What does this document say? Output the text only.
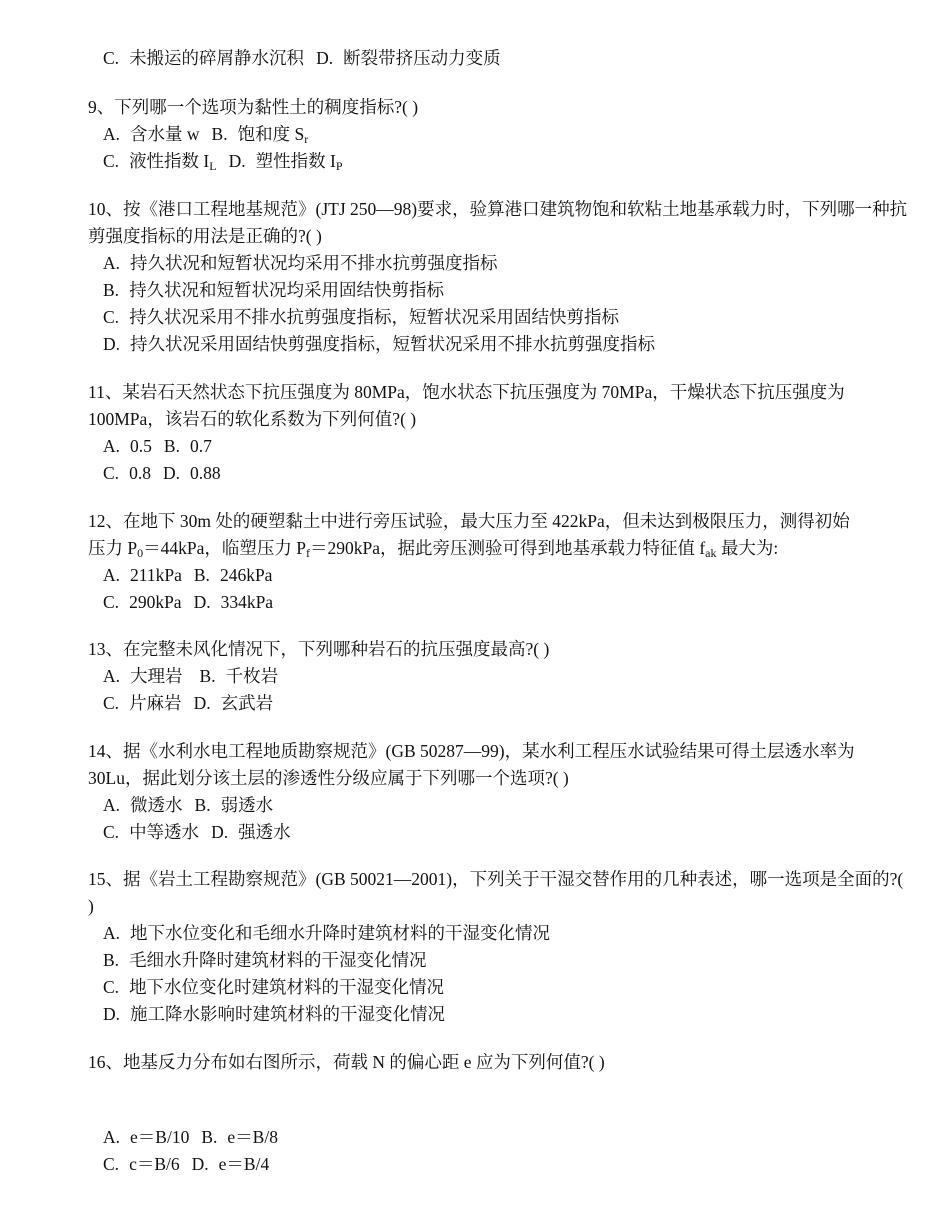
C. 未搬运的碎屑静水沉积 D. 断裂带挤压动力变质
9、下列哪一个选项为黏性土的稠度指标?( )
A. 含水量 w B. 饱和度 $S_r$
C. 液性指数 $I_L$ D. 塑性指数 $I_P$
10、按《港口工程地基规范》(JTJ 250—98)要求，验算港口建筑物饱和软粘土地基承载力时，下列哪一种抗剪强度指标的用法是正确的?( )
A. 持久状况和短暂状况均采用不排水抗剪强度指标
B. 持久状况和短暂状况均采用固结快剪指标
C. 持久状况采用不排水抗剪强度指标，短暂状况采用固结快剪指标
D. 持久状况采用固结快剪强度指标，短暂状况采用不排水抗剪强度指标
11、某岩石天然状态下抗压强度为 80MPa，饱水状态下抗压强度为 70MPa，干燥状态下抗压强度为 100MPa，该岩石的软化系数为下列何值?( )
A. 0.5 B. 0.7
C. 0.8 D. 0.88
12、在地下 30m 处的硬塑黏土中进行旁压试验，最大压力至 422kPa，但未达到极限压力，测得初始
压力 $P_0=44kPa$，临塑压力 $P_f=290kPa$，据此旁压测验可得到地基承载力特征值 $f_{ak}$ 最大为:
A. 211kPa B. 246kPa
C. 290kPa D. 334kPa
13、在完整未风化情况下，下列哪种岩石的抗压强度最高?( )
A. 大理岩 B. 千枚岩
C. 片麻岩 D. 玄武岩
14、据《水利水电工程地质勘察规范》(GB 50287—99)，某水利工程压水试验结果可得土层透水率为 30Lu，据此划分该土层的渗透性分级应属于下列哪一个选项?( )
A. 微透水 B. 弱透水
C. 中等透水 D. 强透水
15、据《岩土工程勘察规范》(GB 50021—2001)，下列关于干湿交替作用的几种表述，哪一选项是全面的?( )
A. 地下水位变化和毛细水升降时建筑材料的干湿变化情况
B. 毛细水升降时建筑材料的干湿变化情况
C. 地下水位变化时建筑材料的干湿变化情况
D. 施工降水影响时建筑材料的干湿变化情况
16、地基反力分布如右图所示，荷载 N 的偏心距 e 应为下列何值?( )
A. e＝B/10 B. e＝B/8
C. c＝B/6 D. e＝B/4
